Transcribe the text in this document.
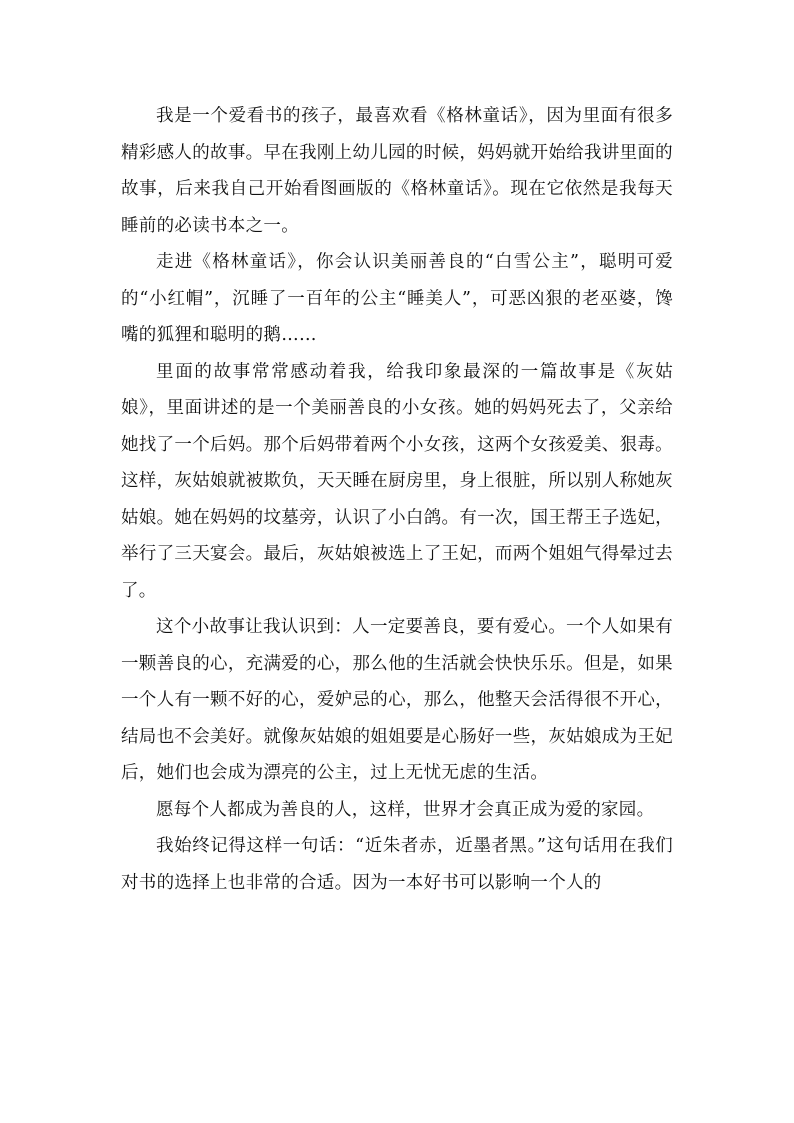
我是一个爱看书的孩子，最喜欢看《格林童话》，因为里面有很多精彩感人的故事。早在我刚上幼儿园的时候，妈妈就开始给我讲里面的故事，后来我自己开始看图画版的《格林童话》。现在它依然是我每天睡前的必读书本之一。

走进《格林童话》，你会认识美丽善良的“白雪公主”，聪明可爱的“小红帽”，沉睡了一百年的公主“睡美人”，可恶凶狠的老巫婆，馋嘴的狐狸和聪明的鹅……

里面的故事常常感动着我，给我印象最深的一篇故事是《灰姑娘》，里面讲述的是一个美丽善良的小女孩。她的妈妈死去了，父亲给她找了一个后妈。那个后妈带着两个小女孩，这两个女孩爱美、狠毒。这样，灰姑娘就被欺负，天天睡在厨房里，身上很脏，所以别人称她灰姑娘。她在妈妈的坟墓旁，认识了小白鸽。有一次，国王帮王子选妃，举行了三天宴会。最后，灰姑娘被选上了王妃，而两个姐姐气得晕过去了。

这个小故事让我认识到：人一定要善良，要有爱心。一个人如果有一颗善良的心，充满爱的心，那么他的生活就会快快乐乐。但是，如果一个人有一颗不好的心，爱妒忌的心，那么，他整天会活得很不开心，结局也不会美好。就像灰姑娘的姐姐要是心肠好一些，灰姑娘成为王妃后，她们也会成为漂亮的公主，过上无忧无虑的生活。

愿每个人都成为善良的人，这样，世界才会真正成为爱的家园。

我始终记得这样一句话：“近朱者赤，近墨者黑。”这句话用在我们对书的选择上也非常的合适。因为一本好书可以影响一个人的
